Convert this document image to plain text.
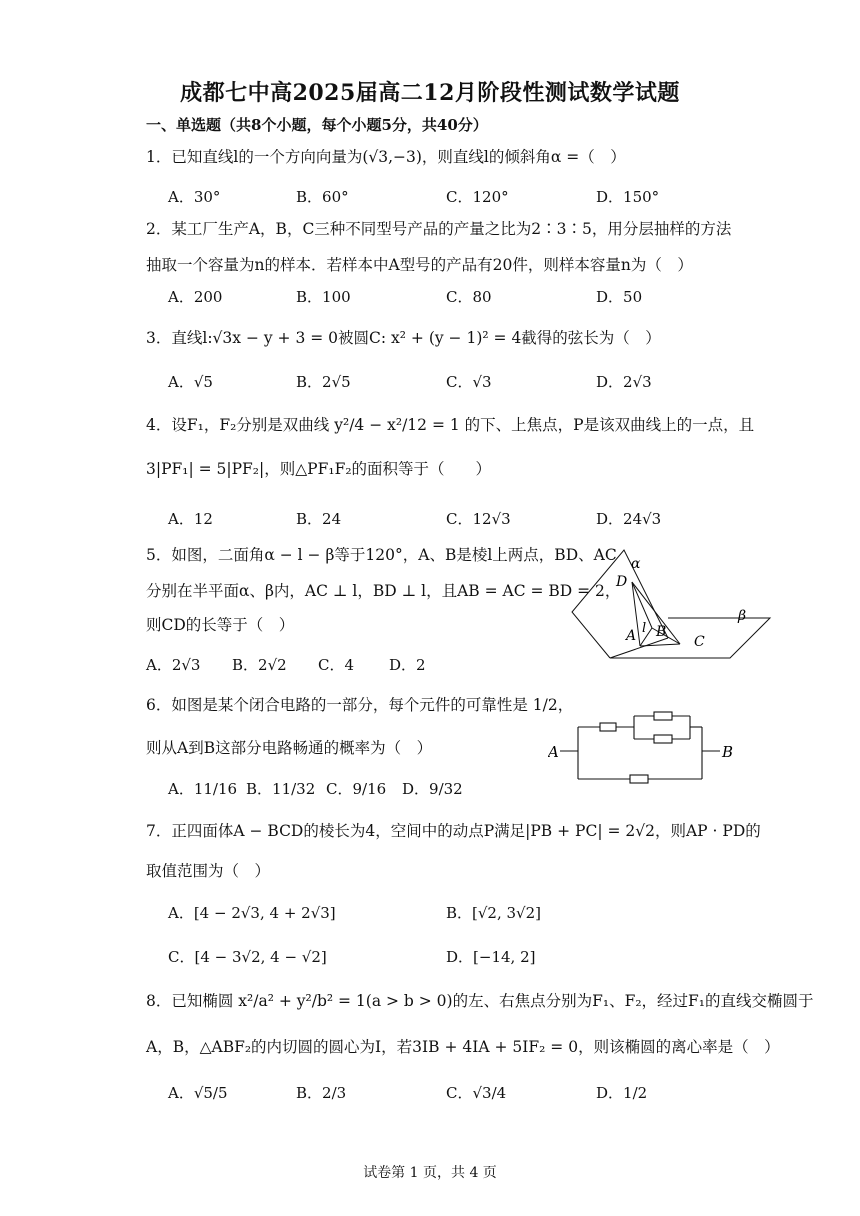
成都七中高2025届高二12月阶段性测试数学试题
一、单选题（共8个小题，每个小题5分，共40分）
1．已知直线l的一个方向向量为(√3,−3)，则直线l的倾斜角α =（　）
A．30°	B．60°	C．120°	D．150°
2．某工厂生产A，B，C三种不同型号产品的产量之比为2∶3∶5，用分层抽样的方法
抽取一个容量为n的样本．若样本中A型号的产品有20件，则样本容量n为（　）
A．200	B．100	C．80	D．50
3．直线l:√3x − y + 3 = 0被圆C: x² + (y − 1)² = 4截得的弦长为（　）
A．√5	B．2√5	C．√3	D．2√3
4．设F₁，F₂分别是双曲线 y²/4 − x²/12 = 1 的下、上焦点，P是该双曲线上的一点，且
3|PF₁| = 5|PF₂|，则△PF₁F₂的面积等于（　　）
A．12	B．24	C．12√3	D．24√3
5．如图，二面角α − l − β等于120°，A、B是棱l上两点，BD、AC
分别在半平面α、β内，AC ⊥ l，BD ⊥ l，且AB = AC = BD = 2，
则CD的长等于（　）
A．2√3 B．2√2 C．4 D．2
α
β
D
A l B
C
6．如图是某个闭合电路的一部分，每个元件的可靠性是 1/2，
则从A到B这部分电路畅通的概率为（　）
A．11/16 B．11/32 C．9/16 D．9/32
A	B
7．正四面体A − BCD的棱长为4，空间中的动点P满足|PB + PC| = 2√2，则AP · PD的
取值范围为（　）
A．[4 − 2√3, 4 + 2√3]	B．[√2, 3√2]
C．[4 − 3√2, 4 − √2]	D．[−14, 2]
8．已知椭圆 x²/a² + y²/b² = 1(a > b > 0)的左、右焦点分别为F₁、F₂，经过F₁的直线交椭圆于
A，B，△ABF₂的内切圆的圆心为I，若3IB + 4IA + 5IF₂ = 0，则该椭圆的离心率是（　）
A．√5/5	B．2/3	C．√3/4	D．1/2
试卷第 1 页，共 4 页
